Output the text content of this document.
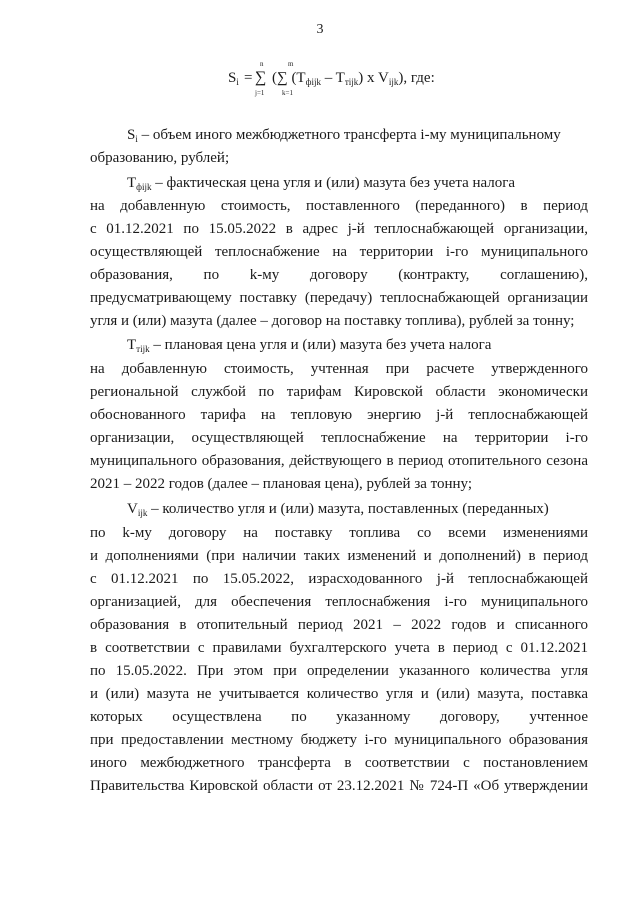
3
$S_i$ =
n
∑
j=1
m
k=1
(∑ $(T_{фijk} - T_{тijk})$ x $V_{ijk}$), где:
$S_i$ – объем иного межбюджетного трансферта i-му муниципальному
образованию, рублей;
$T_{фijk}$ – фактическая цена угля и (или) мазута без учета налога
на добавленную стоимость, поставленного (переданного) в период
с 01.12.2021 по 15.05.2022 в адрес j-й теплоснабжающей организации,
осуществляющей теплоснабжение на территории i-го муниципального
образования, по k-му договору (контракту, соглашению),
предусматривающему поставку (передачу) теплоснабжающей организации
угля и (или) мазута (далее – договор на поставку топлива), рублей за тонну;
$T_{тijk}$ – плановая цена угля и (или) мазута без учета налога
на добавленную стоимость, учтенная при расчете утвержденного
региональной службой по тарифам Кировской области экономически
обоснованного тарифа на тепловую энергию j-й теплоснабжающей
организации, осуществляющей теплоснабжение на территории i-го
муниципального образования, действующего в период отопительного сезона
2021 – 2022 годов (далее – плановая цена), рублей за тонну;
$V_{ijk}$ – количество угля и (или) мазута, поставленных (переданных)
по k-му договору на поставку топлива со всеми изменениями
и дополнениями (при наличии таких изменений и дополнений) в период
с 01.12.2021 по 15.05.2022, израсходованного j-й теплоснабжающей
организацией, для обеспечения теплоснабжения i-го муниципального
образования в отопительный период 2021 – 2022 годов и списанного
в соответствии с правилами бухгалтерского учета в период с 01.12.2021
по 15.05.2022. При этом при определении указанного количества угля
и (или) мазута не учитывается количество угля и (или) мазута, поставка
которых осуществлена по указанному договору, учтенное
при предоставлении местному бюджету i-го муниципального образования
иного межбюджетного трансферта в соответствии с постановлением
Правительства Кировской области от 23.12.2021 № 724-П «Об утверждении
